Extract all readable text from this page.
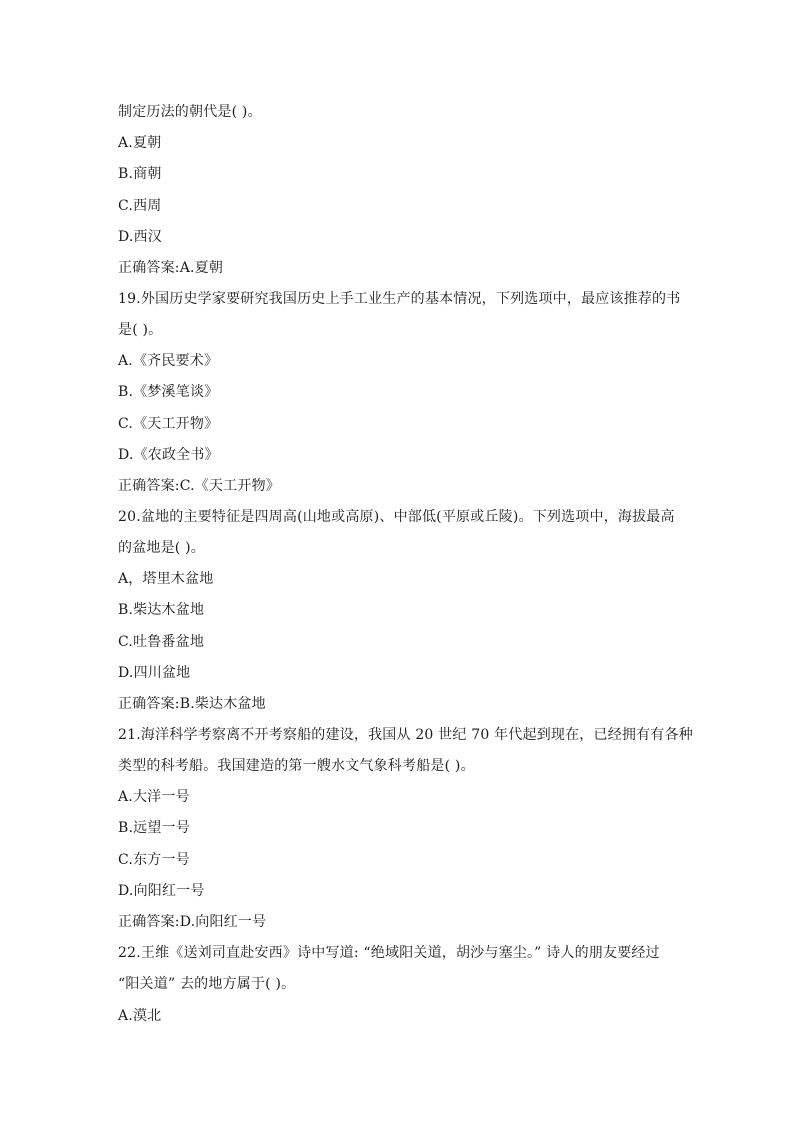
制定历法的朝代是( )。
A.夏朝
B.商朝
C.西周
D.西汉
正确答案:A.夏朝
19.外国历史学家要研究我国历史上手工业生产的基本情况，下列选项中，最应该推荐的书
是( )。
A.《齐民要术》
B.《梦溪笔谈》
C.《天工开物》
D.《农政全书》
正确答案:C.《天工开物》
20.盆地的主要特征是四周高(山地或高原)、中部低(平原或丘陵)。下列选项中，海拔最高
的盆地是( )。
A，塔里木盆地
B.柴达木盆地
C.吐鲁番盆地
D.四川盆地
正确答案:B.柴达木盆地
21.海洋科学考察离不开考察船的建设，我国从 20 世纪 70 年代起到现在，已经拥有有各种
类型的科考船。我国建造的第一艘水文气象科考船是( )。
A.大洋一号
B.远望一号
C.东方一号
D.向阳红一号
正确答案:D.向阳红一号
22.王维《送刘司直赴安西》诗中写道: “绝域阳关道，胡沙与塞尘。” 诗人的朋友要经过
“阳关道” 去的地方属于( )。
A.漠北
